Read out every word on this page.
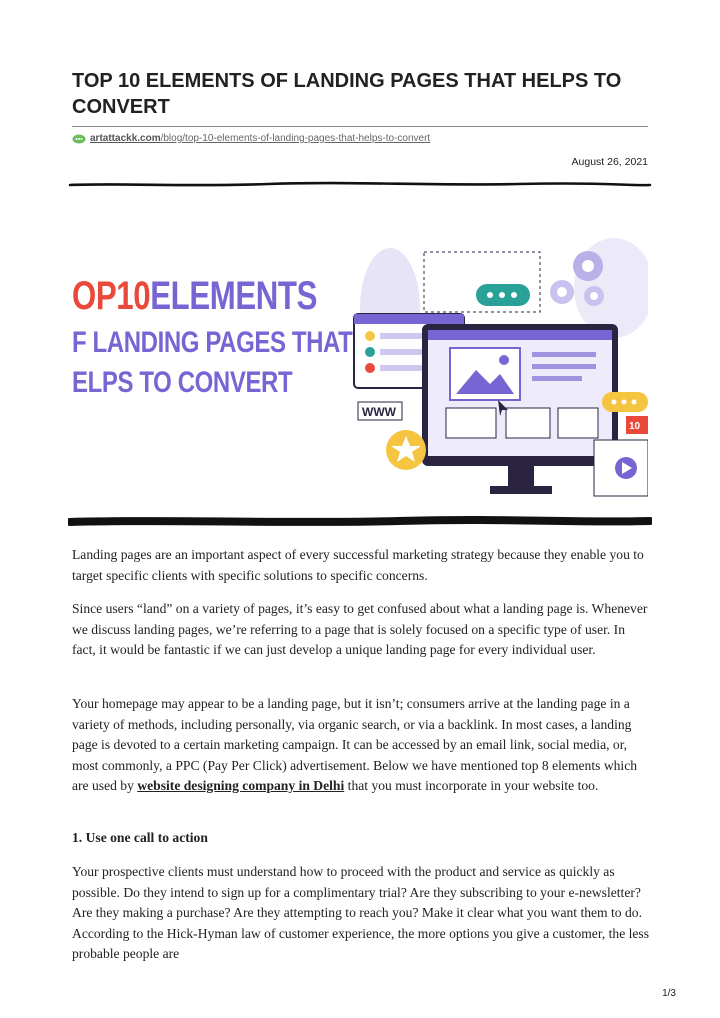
TOP 10 ELEMENTS OF LANDING PAGES THAT HELPS TO CONVERT
artattackk.com /blog/top-10-elements-of-landing-pages-that-helps-to-convert
August 26, 2021
OP10ELEMENTS
F LANDING PAGES THAT
ELPS TO CONVERT
WWW
10

Landing pages are an important aspect of every successful marketing strategy because they enable you to target specific clients with specific solutions to specific concerns.

Since users “land” on a variety of pages, it’s easy to get confused about what a landing page is. Whenever we discuss landing pages, we’re referring to a page that is solely focused on a specific type of user. In fact, it would be fantastic if we can just develop a unique landing page for every individual user.

Your homepage may appear to be a landing page, but it isn’t; consumers arrive at the landing page in a variety of methods, including personally, via organic search, or via a backlink. In most cases, a landing page is devoted to a certain marketing campaign. It can be accessed by an email link, social media, or, most commonly, a PPC (Pay Per Click) advertisement. Below we have mentioned top 8 elements which are used by website designing company in Delhi that you must incorporate in your website too.

1. Use one call to action

Your prospective clients must understand how to proceed with the product and service as quickly as possible. Do they intend to sign up for a complimentary trial? Are they subscribing to your e-newsletter? Are they making a purchase? Are they attempting to reach you? Make it clear what you want them to do. According to the Hick-Hyman law of customer experience, the more options you give a customer, the less probable people are

1/3
